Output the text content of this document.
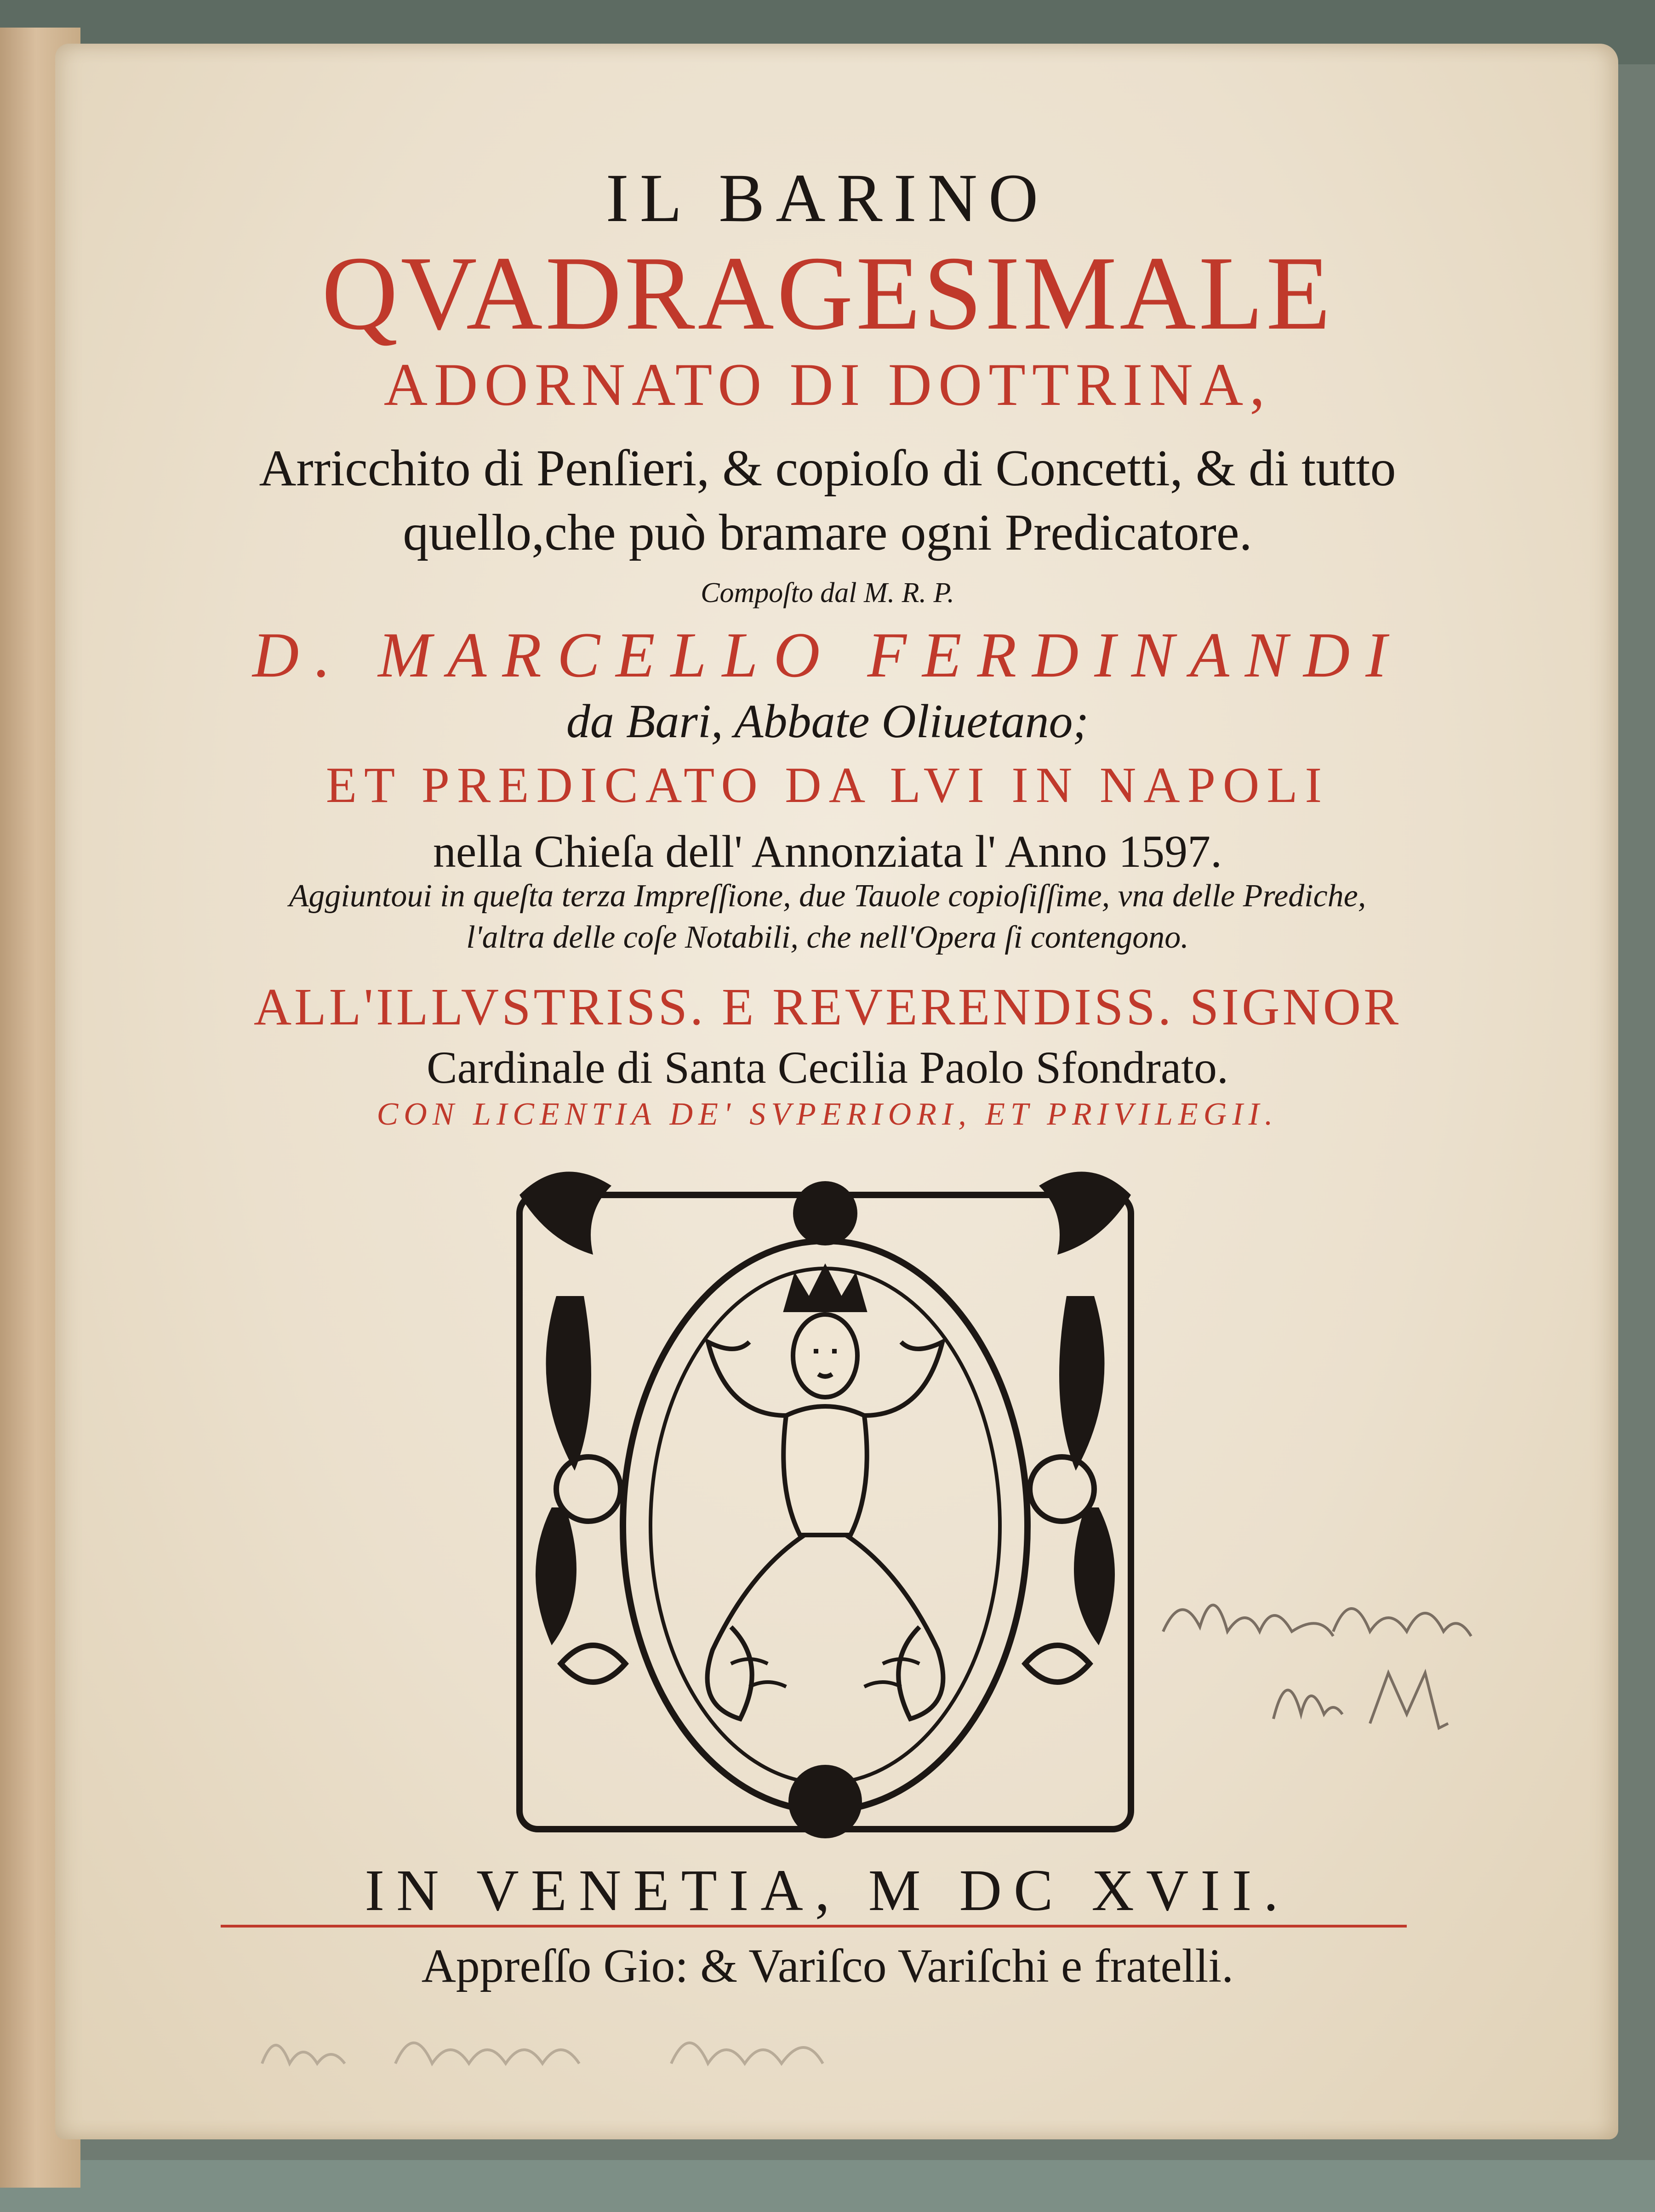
IL BARINO
QVADRAGESIMALE
ADORNATO DI DOTTRINA,
Arricchito di Penſieri, & copioſo di Concetti, & di tutto
quello,che può bramare ogni Predicatore.
Compoſto dal M. R. P.
D. MARCELLO FERDINANDI
da Bari, Abbate Oliuetano;
ET PREDICATO DA LVI IN NAPOLI
nella Chieſa dell' Annonziata l' Anno 1597.
Aggiuntoui in queſta terza Impreſſione, due Tauole copioſiſſime, vna delle Prediche,
l'altra delle coſe Notabili, che nell'Opera ſi contengono.
ALL'ILLVSTRISS. E REVERENDISS. SIGNOR
Cardinale di Santa Cecilia Paolo Sfondrato.
CON LICENTIA DE' SVPERIORI, ET PRIVILEGII.
IN VENETIA, M DC XVII.
Appreſſo Gio: & Variſco Variſchi e fratelli.
